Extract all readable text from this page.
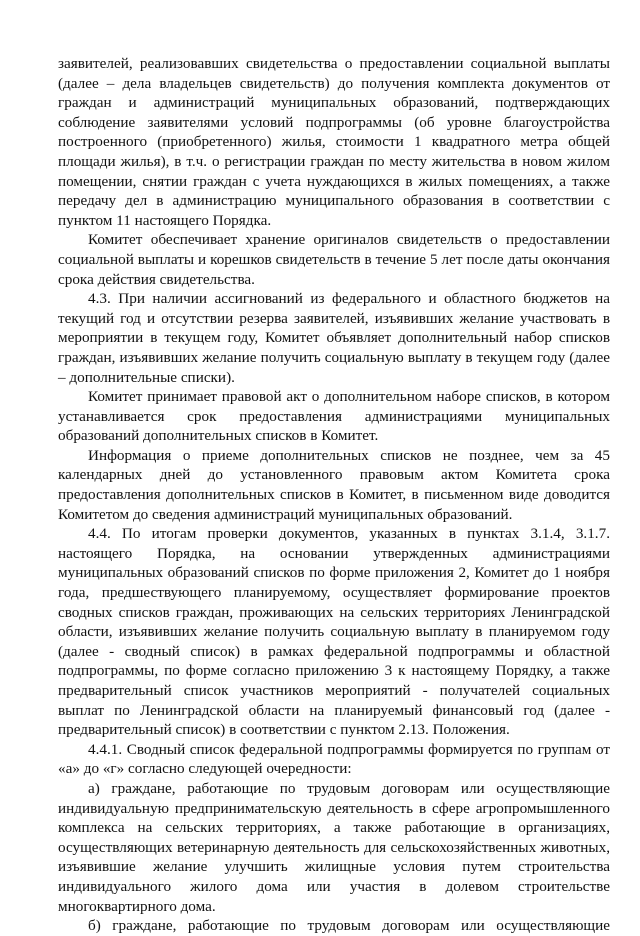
заявителей, реализовавших свидетельства о предоставлении социальной выплаты (далее – дела владельцев свидетельств) до получения комплекта документов от граждан и администраций муниципальных образований, подтверждающих соблюдение заявителями условий подпрограммы (об уровне благоустройства построенного (приобретенного) жилья, стоимости 1 квадратного метра общей площади жилья), в т.ч. о регистрации граждан по месту жительства в новом жилом помещении, снятии граждан с учета нуждающихся в жилых помещениях, а также передачу дел в администрацию муниципального образования в соответствии с пунктом 11 настоящего Порядка.

Комитет обеспечивает хранение оригиналов свидетельств о предоставлении социальной выплаты и корешков свидетельств в течение 5 лет после даты окончания срока действия свидетельства.

4.3. При наличии ассигнований из федерального и областного бюджетов на текущий год и отсутствии резерва заявителей, изъявивших желание участвовать в мероприятии в текущем году, Комитет объявляет дополнительный набор списков граждан, изъявивших желание получить социальную выплату в текущем году (далее – дополнительные списки).

Комитет принимает правовой акт о дополнительном наборе списков, в котором устанавливается срок предоставления администрациями муниципальных образований дополнительных списков в Комитет.

Информация о приеме дополнительных списков не позднее, чем за 45 календарных дней до установленного правовым актом Комитета срока предоставления дополнительных списков в Комитет, в письменном виде доводится Комитетом до сведения администраций муниципальных образований.

4.4. По итогам проверки документов, указанных в пунктах 3.1.4, 3.1.7. настоящего Порядка, на основании утвержденных администрациями муниципальных образований списков по форме приложения 2, Комитет до 1 ноября года, предшествующего планируемому, осуществляет формирование проектов сводных списков граждан, проживающих на сельских территориях Ленинградской области, изъявивших желание получить социальную выплату в планируемом году (далее - сводный список) в рамках федеральной подпрограммы и областной подпрограммы, по форме согласно приложению 3 к настоящему Порядку, а также предварительный список участников мероприятий - получателей социальных выплат по Ленинградской области на планируемый финансовый год (далее - предварительный список) в соответствии с пунктом 2.13. Положения.

4.4.1. Сводный список федеральной подпрограммы формируется по группам от «а» до «г» согласно следующей очередности:

а) граждане, работающие по трудовым договорам или осуществляющие индивидуальную предпринимательскую деятельность в сфере агропромышленного комплекса на сельских территориях, а также работающие в организациях, осуществляющих ветеринарную деятельность для сельскохозяйственных животных, изъявившие желание улучшить жилищные условия путем строительства индивидуального жилого дома или участия в долевом строительстве многоквартирного дома.

б) граждане, работающие по трудовым договорам или осуществляющие
